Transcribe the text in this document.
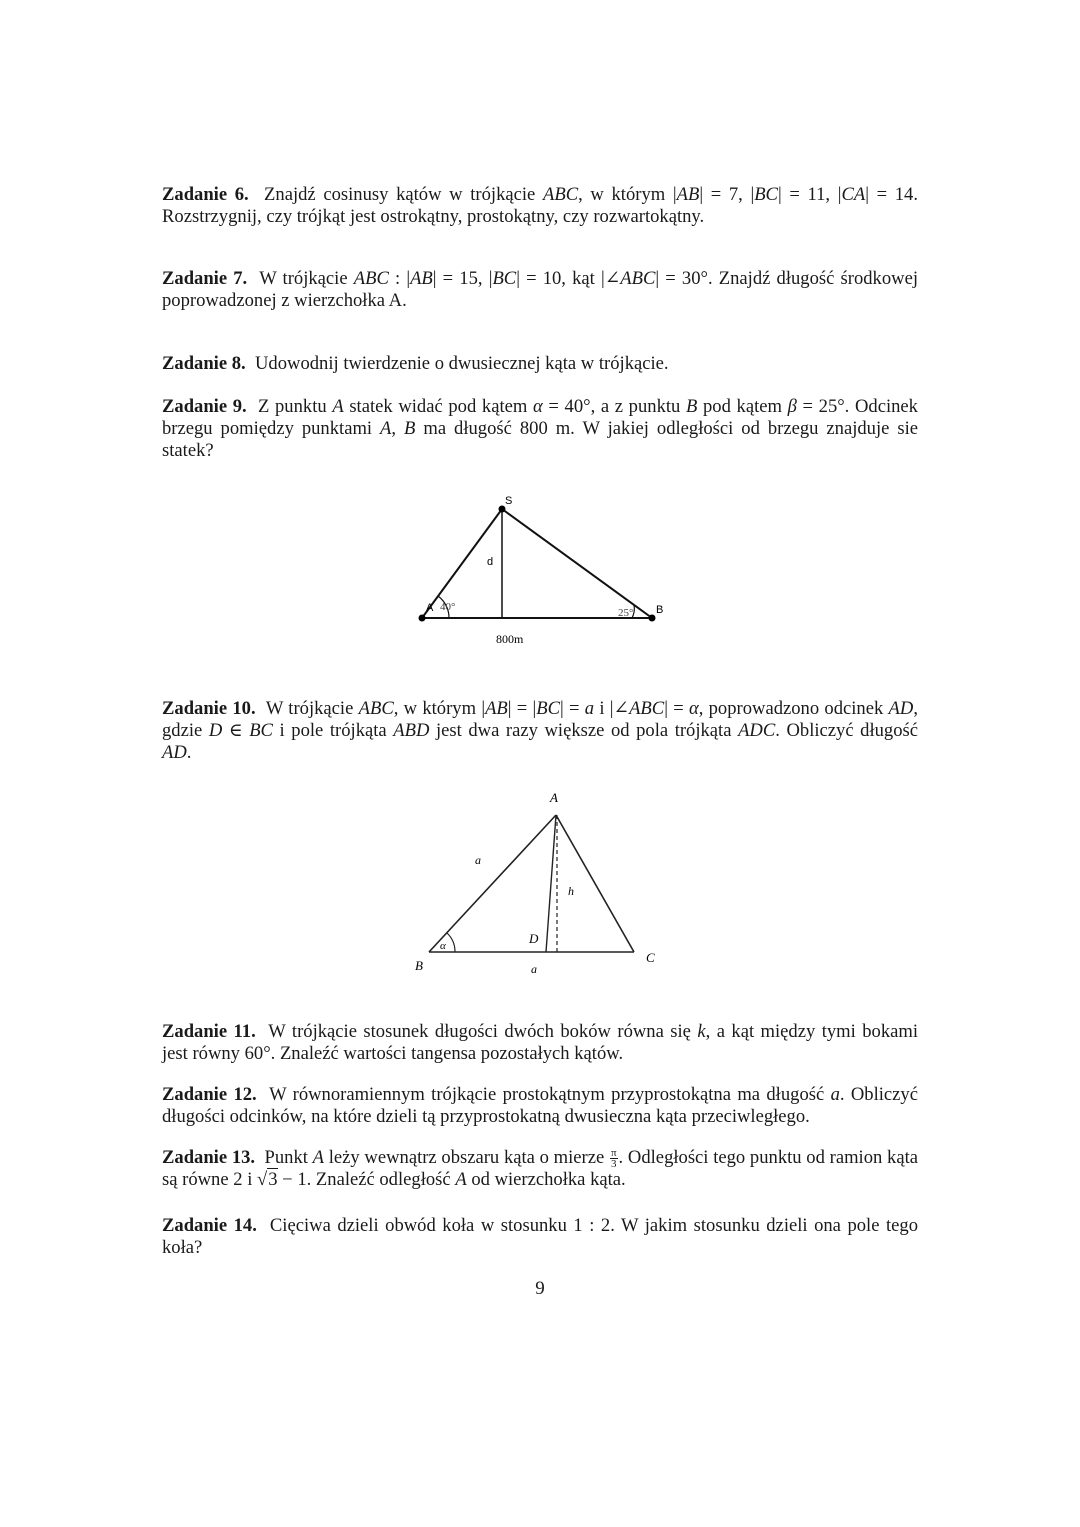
Zadanie 6. Znajdź cosinusy kątów w trójkącie ABC, w którym |AB| = 7, |BC| = 11, |CA| = 14. Rozstrzygnij, czy trójkąt jest ostrokątny, prostokątny, czy rozwartokątny.
Zadanie 7. W trójkącie ABC : |AB| = 15, |BC| = 10, kąt |∠ABC| = 30°. Znajdź długość środkowej poprowadzonej z wierzchołka A.
Zadanie 8. Udowodnij twierdzenie o dwusiecznej kąta w trójkącie.
Zadanie 9. Z punktu A statek widać pod kątem α = 40°, a z punktu B pod kątem β = 25°. Odcinek brzegu pomiędzy punktami A, B ma długość 800 m. W jakiej odległości od brzegu znajduje sie statek?
S
d
A 40°	25° B
800m
Zadanie 10. W trójkącie ABC, w którym |AB| = |BC| = a i |∠ABC| = α, poprowadzono odcinek AD, gdzie D ∈ BC i pole trójkąta ABD jest dwa razy większe od pola trójkąta ADC. Obliczyć długość AD.
A
a
h
D
α
B	a
C
Zadanie 11. W trójkącie stosunek długości dwóch boków równa się k, a kąt między tymi bokami jest równy 60°. Znaleźć wartości tangensa pozostałych kątów.
Zadanie 12. W równoramiennym trójkącie prostokątnym przyprostokątna ma długość a. Obliczyć długości odcinków, na które dzieli tą przyprostokatną dwusieczna kąta przeciwległego.
Zadanie 13. Punkt A leży wewnątrz obszaru kąta o mierze $\frac{\pi}{3}$ . Odległości tego punktu od ramion kąta są równe 2 i √3 − 1. Znaleźć odległość A od wierzchołka kąta.
Zadanie 14. Cięciwa dzieli obwód koła w stosunku 1 : 2. W jakim stosunku dzieli ona pole tego koła?
9
